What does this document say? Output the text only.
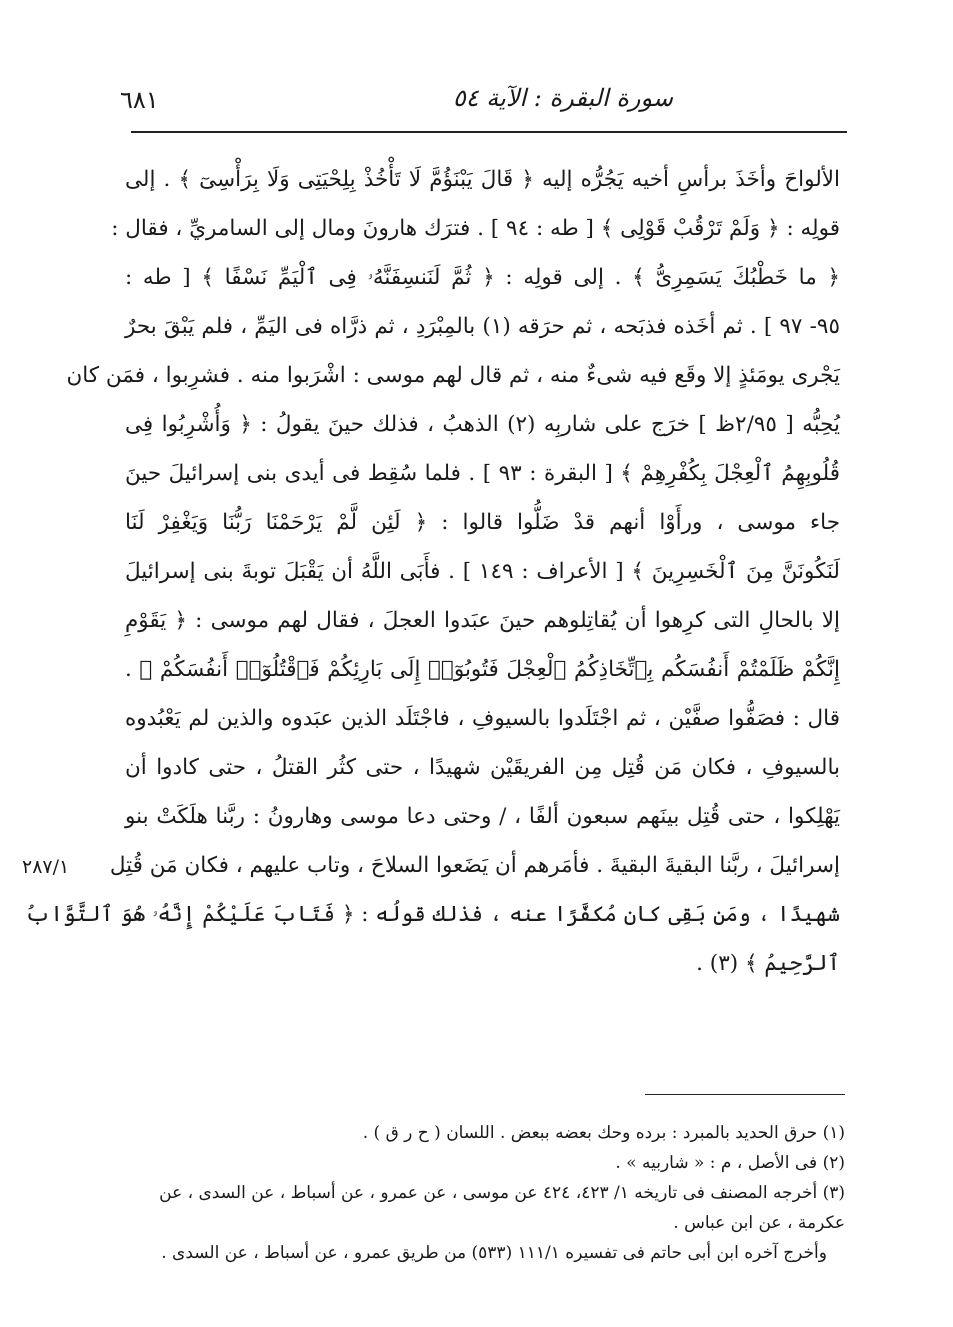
٦٨١	سورة البقرة : الآية ٥٤
الألواحَ وأخَذَ برأسِ أخيه يَجُرُّه إليه ﴿ قَالَ يَبْنَؤُمَّ لَا تَأْخُذْ بِلِحْيَتِى وَلَا بِرَأْسِىٓ ﴾ . إلى
قولِه : ﴿ وَلَمْ تَرْقُبْ قَوْلِى ﴾ [ طه : ٩٤ ] . فترَك هارونَ ومال إلى السامريِّ ، فقال :
﴿ ما خَطْبُكَ يَسَمِرِىُّ ﴾ . إلى قولِه : ﴿ ثُمَّ لَنَنسِفَنَّهُۥ فِى ٱلْيَمِّ نَسْفًا ﴾ [ طه :
٩٥- ٩٧ ] . ثم أخَذه فذبَحه ، ثم حرَقه (١) بالمِبْرَدِ ، ثم ذرَّاه فى اليَمِّ ، فلم يَبْقَ بحرٌ
يَجْرى يومَئذٍ إلا وقَع فيه شىءٌ منه ، ثم قال لهم موسى : اشْرَبوا منه . فشرِبوا ، فمَن كان
يُحِبُّه [ ٢/٩٥ظ ] خرَج على شاربِه (٢) الذهبُ ، فذلك حينَ يقولُ : ﴿ وَأُشْرِبُوا فِى
قُلُوبِهِمُ ٱلْعِجْلَ بِكُفْرِهِمْ ﴾ [ البقرة : ٩٣ ] . فلما سُقِط فى أيدى بنى إسرائيلَ حينَ
جاء موسى ، ورأَوْا أنهم قدْ ضَلُّوا قالوا : ﴿ لَئِن لَّمْ يَرْحَمْنَا رَبُّنَا وَيَغْفِرْ لَنَا
لَنَكُونَنَّ مِنَ ٱلْخَسِرِينَ ﴾ [ الأعراف : ١٤٩ ] . فأَبَى اللَّهُ أن يَقْبَلَ توبةَ بنى إسرائيلَ
إلا بالحالِ التى كرِهوا أن يُقاتِلوهم حينَ عبَدوا العجلَ ، فقال لهم موسى : ﴿ يَقَوْمِ
إِنَّكُمْ ظَلَمْتُمْ أَنفُسَكُم بِٱتِّخَاذِكُمُ ٱلْعِجْلَ فَتُوبُوٓا۟ إِلَى بَارِئِكُمْ فَٱقْتُلُوٓا۟ أَنفُسَكُمْ ﴾ .
قال : فصَفُّوا صفَّيْن ، ثم اجْتَلَدوا بالسيوفِ ، فاجْتَلَد الذين عبَدوه والذين لم يَعْبُدوه
بالسيوفِ ، فكان مَن قُتِل مِن الفريقَيْن شهيدًا ، حتى كثُر القتلُ ، حتى كادوا أن
يَهْلِكوا ، حتى قُتِل بينَهم سبعون ألفًا ، / وحتى دعا موسى وهارونُ : ربَّنا هلَكَتْ بنو
إسرائيلَ ، ربَّنا البقيةَ البقيةَ . فأمَرهم أن يَضَعوا السلاحَ ، وتاب عليهم ، فكان مَن قُتِل
شهيدًا ، ومَن بَقِى كان مُكفَّرًا عنه ، فذلك قولُه : ﴿ فَتَابَ عَلَيْكُمْ إِنَّهُۥ هُوَ ٱلتَّوَّابُ
ٱلرَّحِيمُ ﴾ (٣) .
٢٨٧/١
(١) حرق الحديد بالمبرد : برده وحك بعضه ببعض . اللسان ( ح ر ق ) .
(٢) فى الأصل ، م : « شاربيه » .
(٣) أخرجه المصنف فى تاريخه ١/ ٤٢٣، ٤٢٤ عن موسى ، عن عمرو ، عن أسباط ، عن السدى ، عن
عكرمة ، عن ابن عباس .
وأخرج آخره ابن أبى حاتم فى تفسيره ١١١/١ (٥٣٣) من طريق عمرو ، عن أسباط ، عن السدى .
